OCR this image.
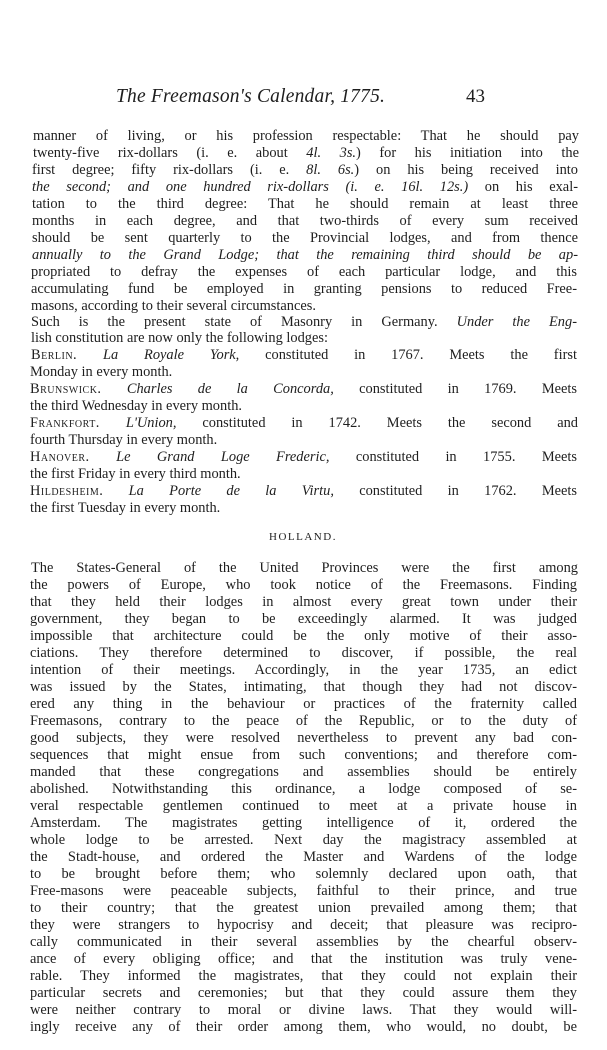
The Freemason's Calendar, 1775.	43
manner of living, or his profession respectable: That he should pay
twenty-five rix-dollars (i. e. about 4l. 3s.) for his initiation into the
first degree; fifty rix-dollars (i. e. 8l. 6s.) on his being received into
the second; and one hundred rix-dollars (i. e. 16l. 12s.) on his exal-
tation to the third degree: That he should remain at least three
months in each degree, and that two-thirds of every sum received
should be sent quarterly to the Provincial lodges, and from thence
annually to the Grand Lodge; that the remaining third should be ap-
propriated to defray the expenses of each particular lodge, and this
accumulating fund be employed in granting pensions to reduced Free-
masons, according to their several circumstances.
Such is the present state of Masonry in Germany. Under the Eng-
lish constitution are now only the following lodges:
Berlin. La Royale York, constituted in 1767. Meets the first
Monday in every month.
Brunswick. Charles de la Concorda, constituted in 1769. Meets
the third Wednesday in every month.
Frankfort. L'Union, constituted in 1742. Meets the second and
fourth Thursday in every month.
Hanover. Le Grand Loge Frederic, constituted in 1755. Meets
the first Friday in every third month.
Hildesheim. La Porte de la Virtu, constituted in 1762. Meets
the first Tuesday in every month.
HOLLAND.
The States-General of the United Provinces were the first among
the powers of Europe, who took notice of the Freemasons. Finding
that they held their lodges in almost every great town under their
government, they began to be exceedingly alarmed. It was judged
impossible that architecture could be the only motive of their asso-
ciations. They therefore determined to discover, if possible, the real
intention of their meetings. Accordingly, in the year 1735, an edict
was issued by the States, intimating, that though they had not discov-
ered any thing in the behaviour or practices of the fraternity called
Freemasons, contrary to the peace of the Republic, or to the duty of
good subjects, they were resolved nevertheless to prevent any bad con-
sequences that might ensue from such conventions; and therefore com-
manded that these congregations and assemblies should be entirely
abolished. Notwithstanding this ordinance, a lodge composed of se-
veral respectable gentlemen continued to meet at a private house in
Amsterdam. The magistrates getting intelligence of it, ordered the
whole lodge to be arrested. Next day the magistracy assembled at
the Stadt-house, and ordered the Master and Wardens of the lodge
to be brought before them; who solemnly declared upon oath, that
Free-masons were peaceable subjects, faithful to their prince, and true
to their country; that the greatest union prevailed among them; that
they were strangers to hypocrisy and deceit; that pleasure was recipro-
cally communicated in their several assemblies by the chearful observ-
ance of every obliging office; and that the institution was truly vene-
rable. They informed the magistrates, that they could not explain their
particular secrets and ceremonies; but that they could assure them they
were neither contrary to moral or divine laws. That they would will-
ingly receive any of their order among them, who would, no doubt, be
